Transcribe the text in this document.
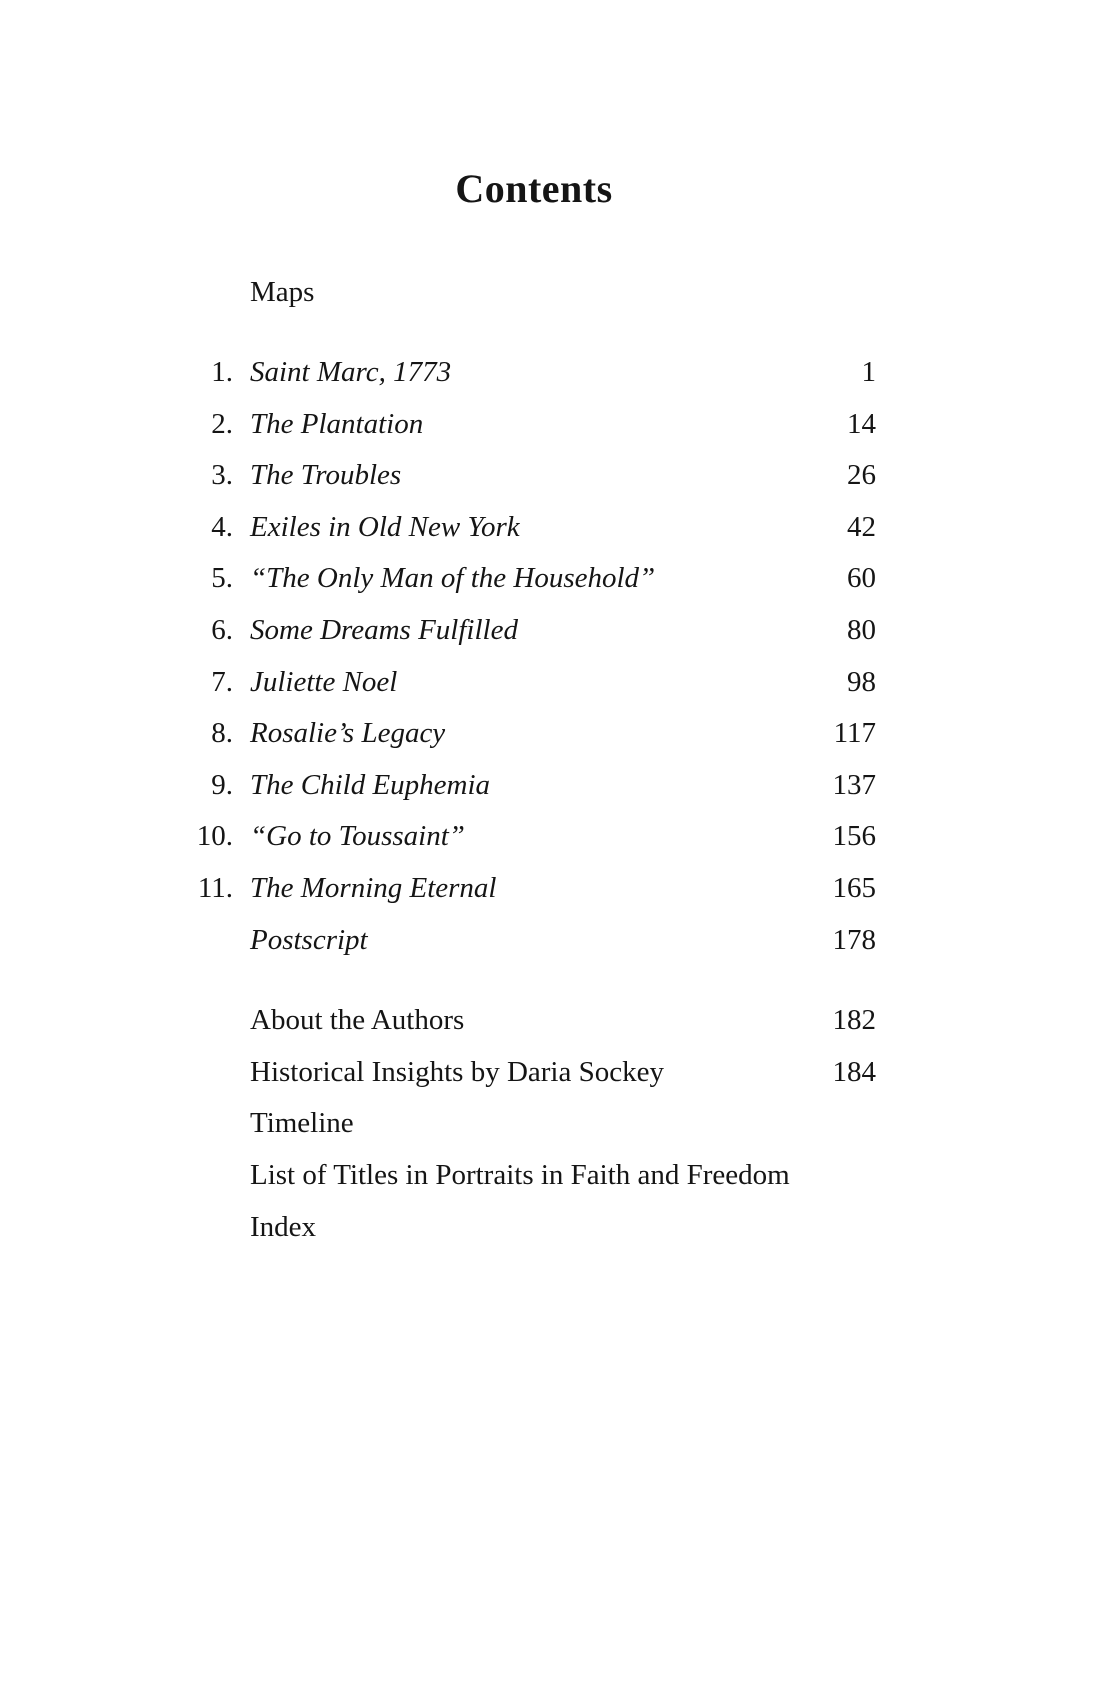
Contents
Maps
1. Saint Marc, 1773	1
2. The Plantation	14
3. The Troubles	26
4. Exiles in Old New York	42
5. “The Only Man of the Household”	60
6. Some Dreams Fulfilled	80
7. Juliette Noel	98
8. Rosalie’s Legacy	117
9. The Child Euphemia	137
10. “Go to Toussaint”	156
11. The Morning Eternal	165
Postscript	178
About the Authors	182
Historical Insights by Daria Sockey	184
Timeline
List of Titles in Portraits in Faith and Freedom
Index
